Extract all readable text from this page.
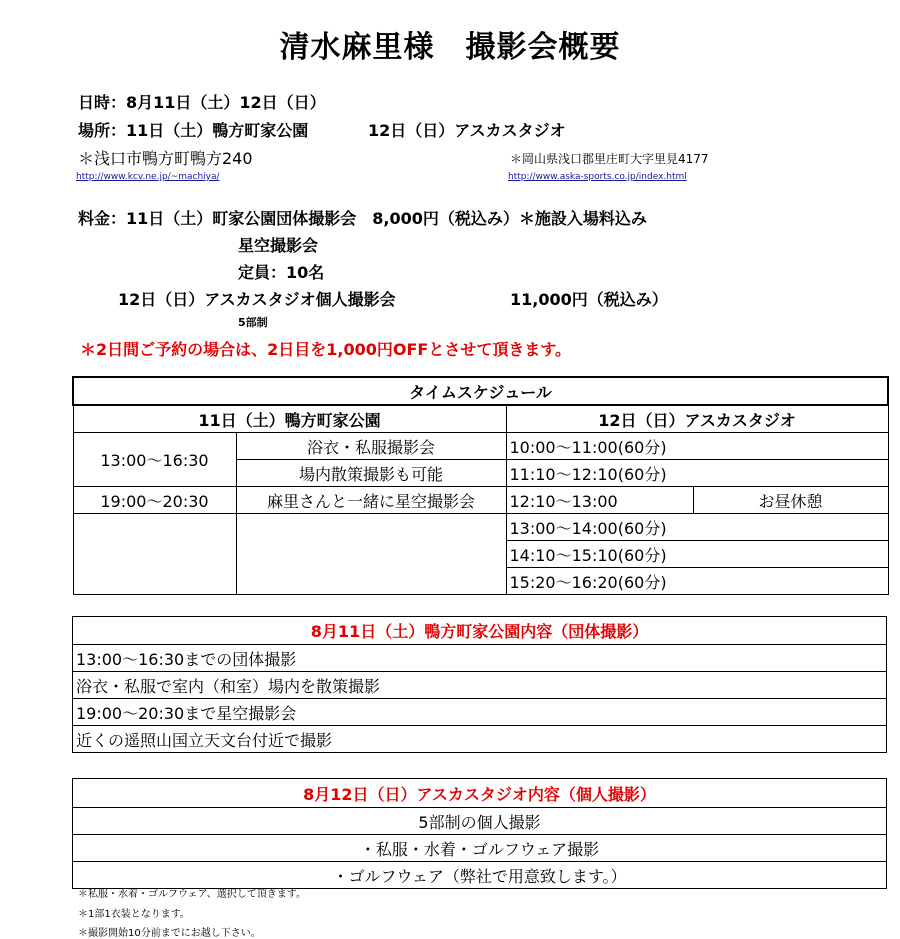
清水麻里様　撮影会概要
日時：8月11日（土）12日（日）
場所：11日（土）鴨方町家公園	12日（日）アスカスタジオ
＊浅口市鴨方町鴨方240	＊岡山県浅口郡里庄町大字里見4177
http://www.kcv.ne.jp/~machiya/	http://www.aska-sports.co.jp/index.html
料金：11日（土）町家公園団体撮影会　8,000円（税込み）＊施設入場料込み
星空撮影会
定員：10名
12日（日）アスカスタジオ個人撮影会	11,000円（税込み）
5部制
＊2日間ご予約の場合は、2日目を1,000円OFFとさせて頂きます。
タイムスケジュール			
11日（土）鴨方町家公園		12日（日）アスカスタジオ	
13:00～16:30	浴衣・私服撮影会	10:00～11:00(60分)	
	場内散策撮影も可能	11:10～12:10(60分)	
19:00～20:30	麻里さんと一緒に星空撮影会	12:10～13:00	お昼休憩
		13:00～14:00(60分)	
		14:10～15:10(60分)	
		15:20～16:20(60分)	
8月11日（土）鴨方町家公園内容（団体撮影）
13:00～16:30までの団体撮影
浴衣・私服で室内（和室）場内を散策撮影
19:00～20:30まで星空撮影会
近くの遥照山国立天文台付近で撮影
8月12日（日）アスカスタジオ内容（個人撮影）
5部制の個人撮影
・私服・水着・ゴルフウェア撮影
・ゴルフウェア（弊社で用意致します。）
＊私服・水着・ゴルフウェア、選択して頂きます。
＊1部1衣装となります。
＊撮影開始10分前までにお越し下さい。
